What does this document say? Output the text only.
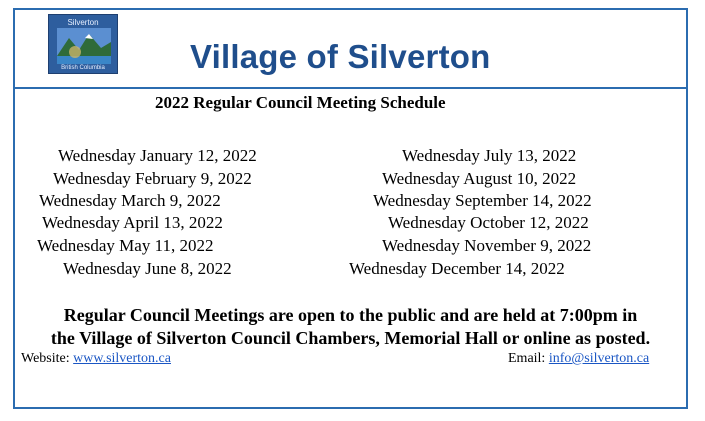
Silverton
British Columbia	Village of Silverton
2022 Regular Council Meeting Schedule
Wednesday January 12, 2022
Wednesday February 9, 2022
Wednesday March 9, 2022
Wednesday April 13, 2022
Wednesday May 11, 2022
Wednesday June 8, 2022
Wednesday July 13, 2022
Wednesday August 10, 2022
Wednesday September 14, 2022
Wednesday October 12, 2022
Wednesday November 9, 2022
Wednesday December 14, 2022
Regular Council Meetings are open to the public and are held at 7:00pm in
the Village of Silverton Council Chambers, Memorial Hall or online as posted.
Website: www.silverton.ca	Email: info@silverton.ca
